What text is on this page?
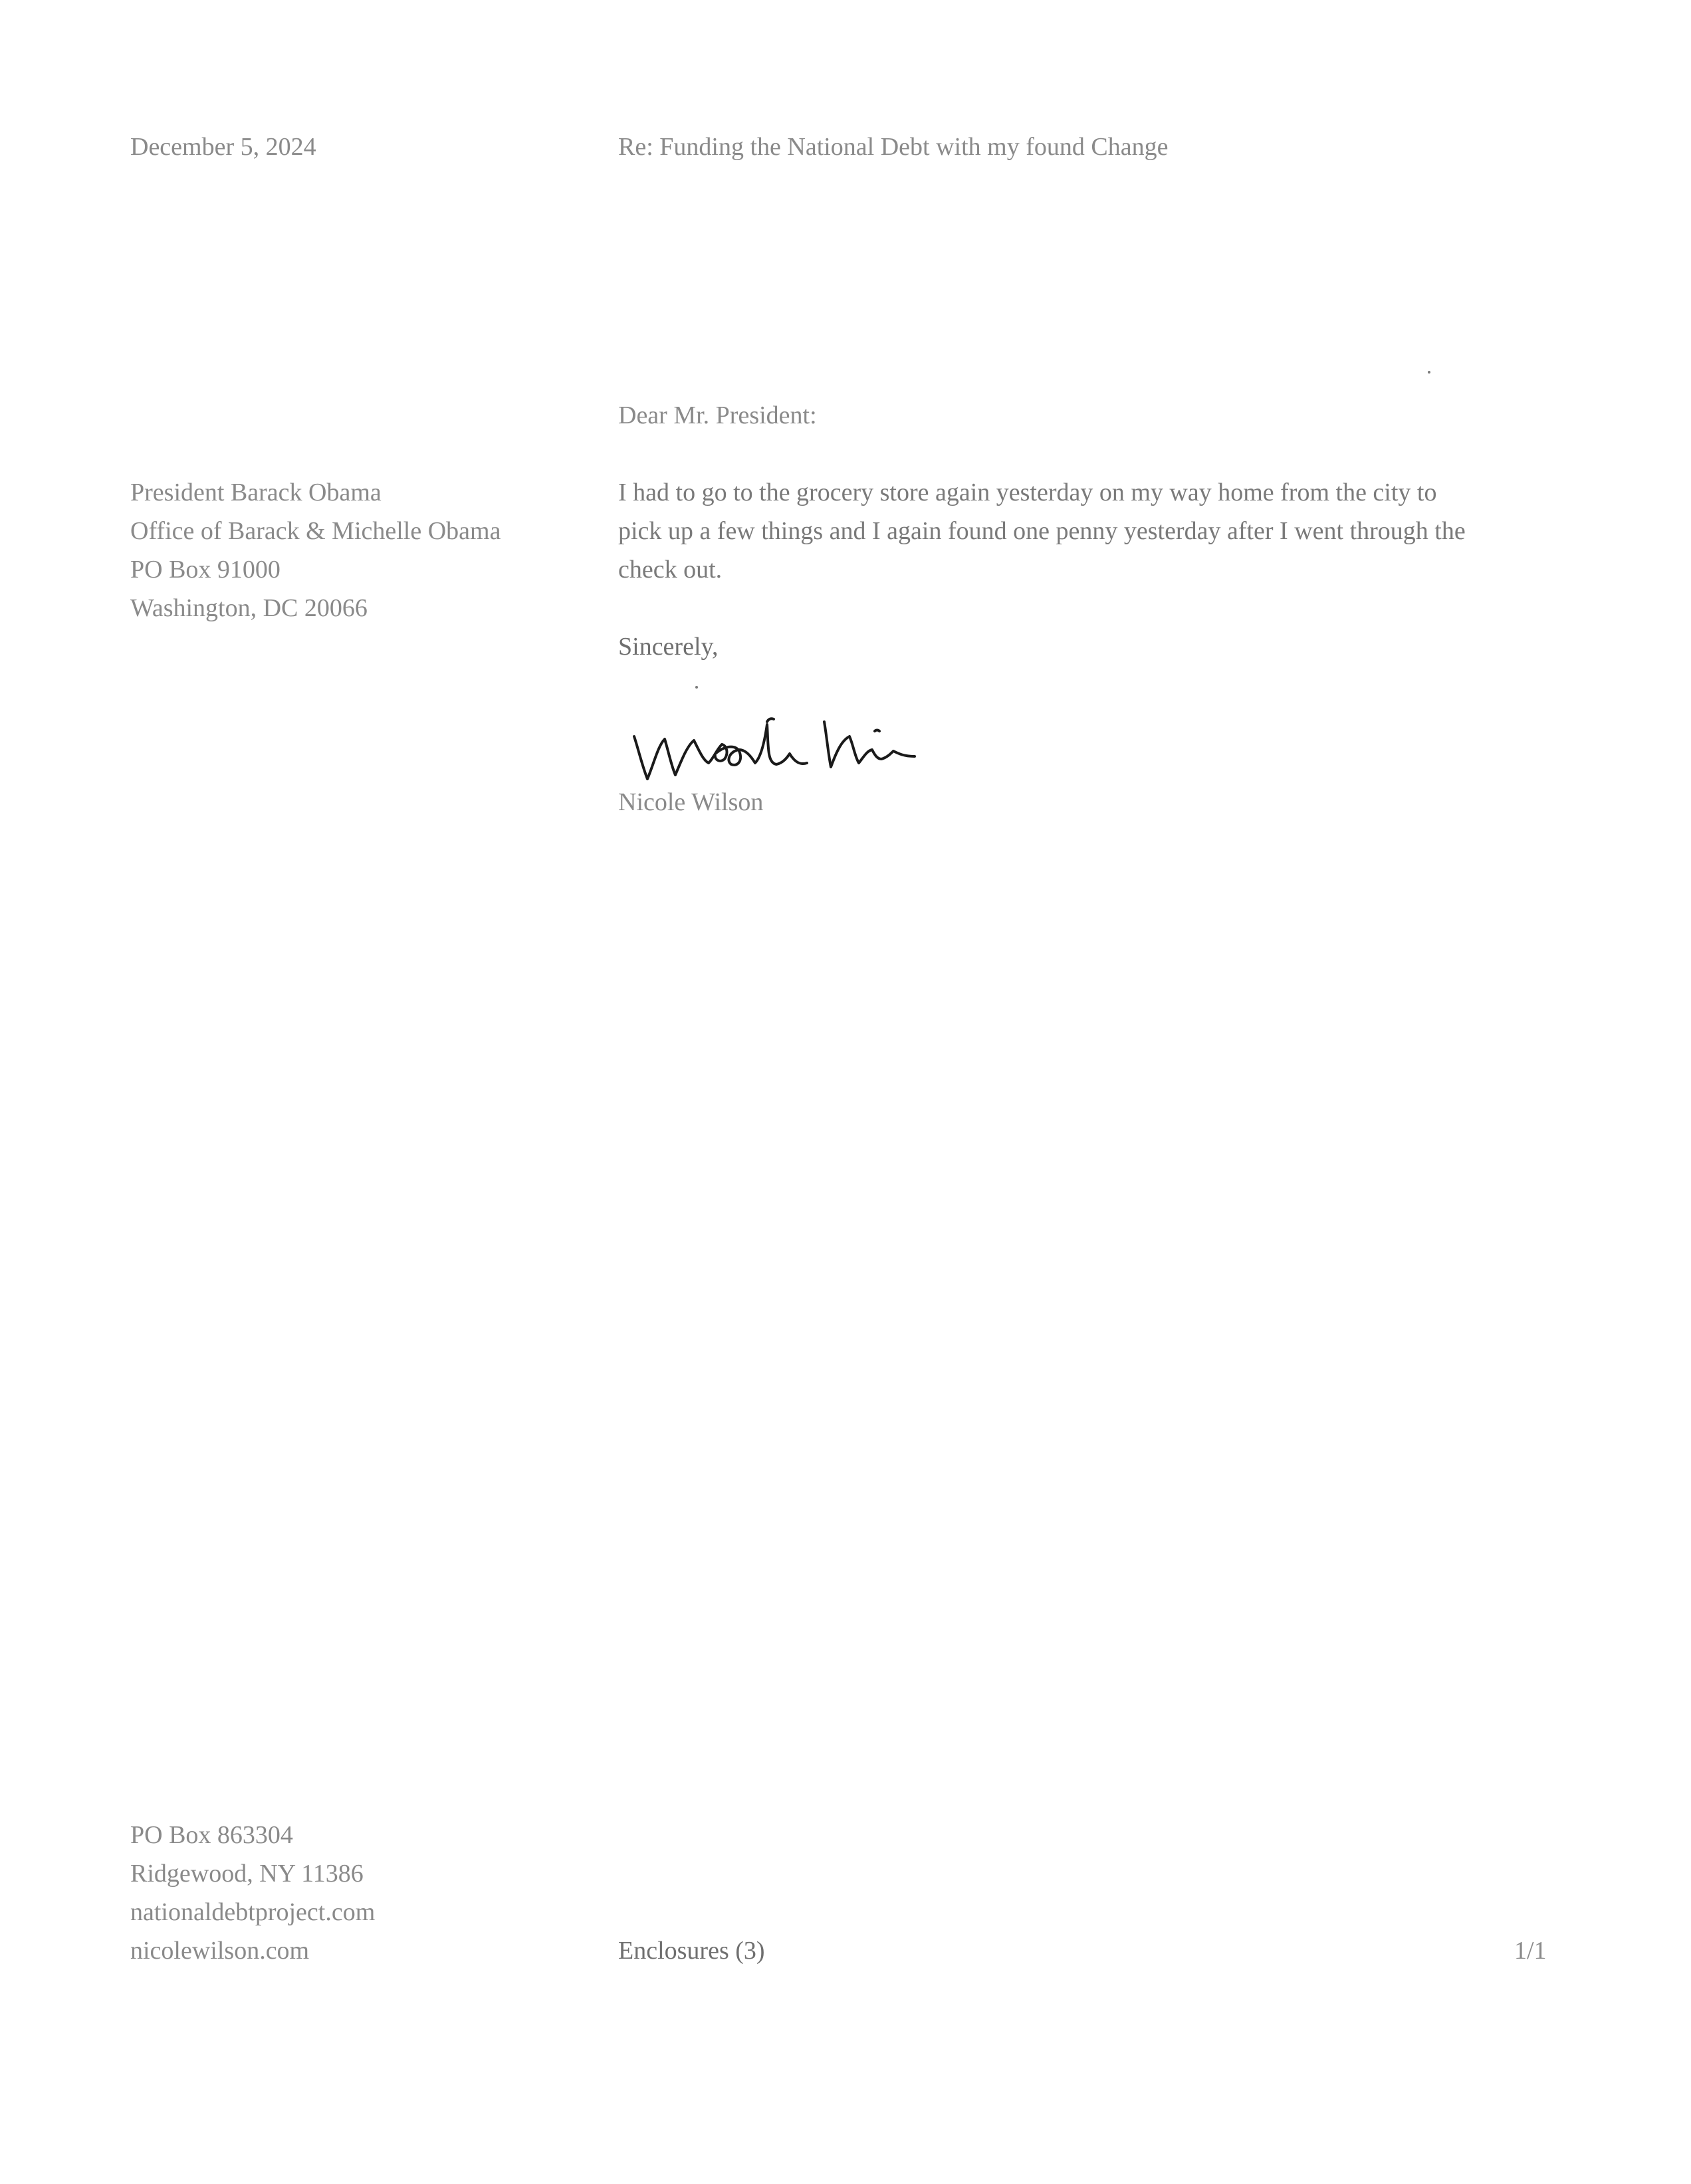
December 5, 2024	Re: Funding the National Debt with my found Change
President Barack Obama
Office of Barack & Michelle Obama
PO Box 91000
Washington, DC 20066
Dear Mr. President:
I had to go to the grocery store again yesterday on my way home from the city to
pick up a few things and I again found one penny yesterday after I went through the
check out.
Sincerely,
Nicole Wilson
PO Box 863304
Ridgewood, NY 11386
nationaldebtproject.com
nicolewilson.com	Enclosures (3)	1/1
